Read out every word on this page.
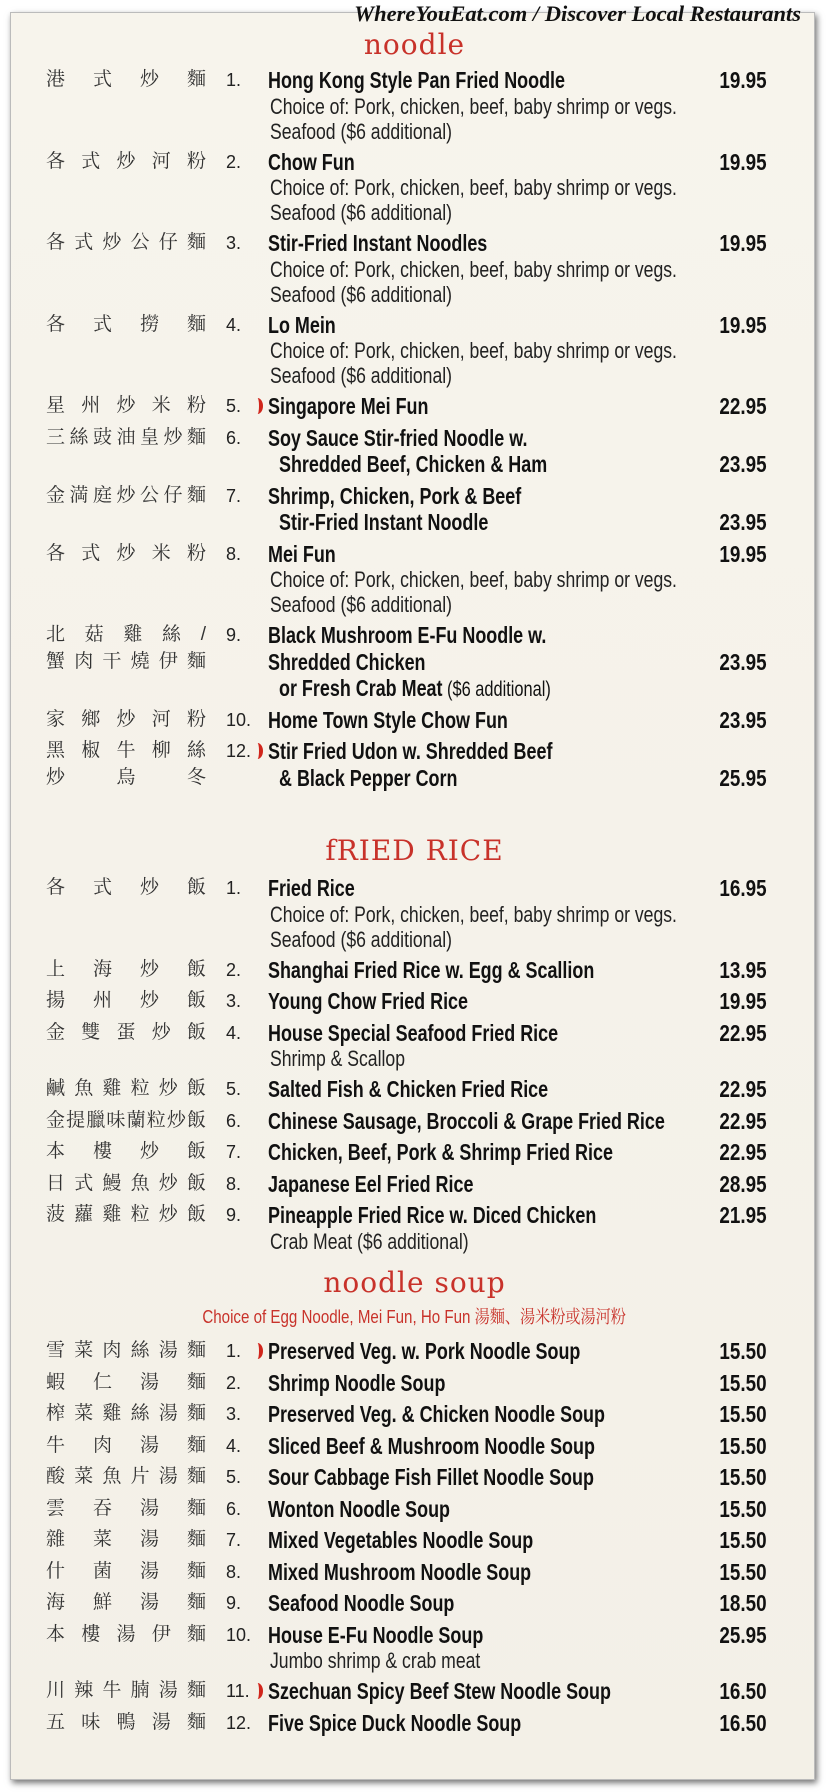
WhereYouEat.com / Discover Local Restaurants
noodle
港式炒麵 1. Hong Kong Style Pan Fried Noodle	19.95
Choice of: Pork, chicken, beef, baby shrimp or vegs.
Seafood ($6 additional)
各式炒河粉 2. Chow Fun	19.95
Choice of: Pork, chicken, beef, baby shrimp or vegs.
Seafood ($6 additional)
各式炒公仔麵 3. Stir-Fried Instant Noodles	19.95
Choice of: Pork, chicken, beef, baby shrimp or vegs.
Seafood ($6 additional)
各式撈麵 4. Lo Mein	19.95
Choice of: Pork, chicken, beef, baby shrimp or vegs.
Seafood ($6 additional)
星州炒米粉 5. Singapore Mei Fun	22.95
三絲豉油皇炒麵 6. Soy Sauce Stir-fried Noodle w.
Shredded Beef, Chicken & Ham	23.95
金満庭炒公仔麵 7. Shrimp, Chicken, Pork & Beef
Stir-Fried Instant Noodle	23.95
各式炒米粉 8. Mei Fun	19.95
Choice of: Pork, chicken, beef, baby shrimp or vegs.
Seafood ($6 additional)
北菇雞絲/ 9. Black Mushroom E-Fu Noodle w.
蟹肉干燒伊麵	Shredded Chicken	23.95
or Fresh Crab Meat ($6 additional)
家鄉炒河粉 10. Home Town Style Chow Fun	23.95
黑椒牛柳絲 12. Stir Fried Udon w. Shredded Beef
炒烏冬	& Black Pepper Corn	25.95
fRIED RICE
各式炒飯 1. Fried Rice	16.95
Choice of: Pork, chicken, beef, baby shrimp or vegs.
Seafood ($6 additional)
上海炒飯 2. Shanghai Fried Rice w. Egg & Scallion	13.95
揚州炒飯 3. Young Chow Fried Rice	19.95
金雙蛋炒飯 4. House Special Seafood Fried Rice	22.95
Shrimp & Scallop
鹹魚雞粒炒飯 5. Salted Fish & Chicken Fried Rice	22.95
金提臘味蘭粒炒飯 6. Chinese Sausage, Broccoli & Grape Fried Rice 22.95
本樓炒飯 7. Chicken, Beef, Pork & Shrimp Fried Rice	22.95
日式鰻魚炒飯 8. Japanese Eel Fried Rice	28.95
菠蘿雞粒炒飯 9. Pineapple Fried Rice w. Diced Chicken	21.95
Crab Meat ($6 additional)
noodle soup
Choice of Egg Noodle, Mei Fun, Ho Fun 湯麵、湯米粉或湯河粉
雪菜肉絲湯麵 1. Preserved Veg. w. Pork Noodle Soup	15.50
蝦仁湯麵 2. Shrimp Noodle Soup	15.50
榨菜雞絲湯麵 3. Preserved Veg. & Chicken Noodle Soup	15.50
牛肉湯麵 4. Sliced Beef & Mushroom Noodle Soup	15.50
酸菜魚片湯麵 5. Sour Cabbage Fish Fillet Noodle Soup	15.50
雲吞湯麵 6. Wonton Noodle Soup	15.50
雜菜湯麵 7. Mixed Vegetables Noodle Soup	15.50
什菌湯麵 8. Mixed Mushroom Noodle Soup	15.50
海鮮湯麵 9. Seafood Noodle Soup	18.50
本樓湯伊麵 10. House E-Fu Noodle Soup	25.95
Jumbo shrimp & crab meat
川辣牛腩湯麵 11. Szechuan Spicy Beef Stew Noodle Soup	16.50
五味鴨湯麵 12. Five Spice Duck Noodle Soup	16.50
